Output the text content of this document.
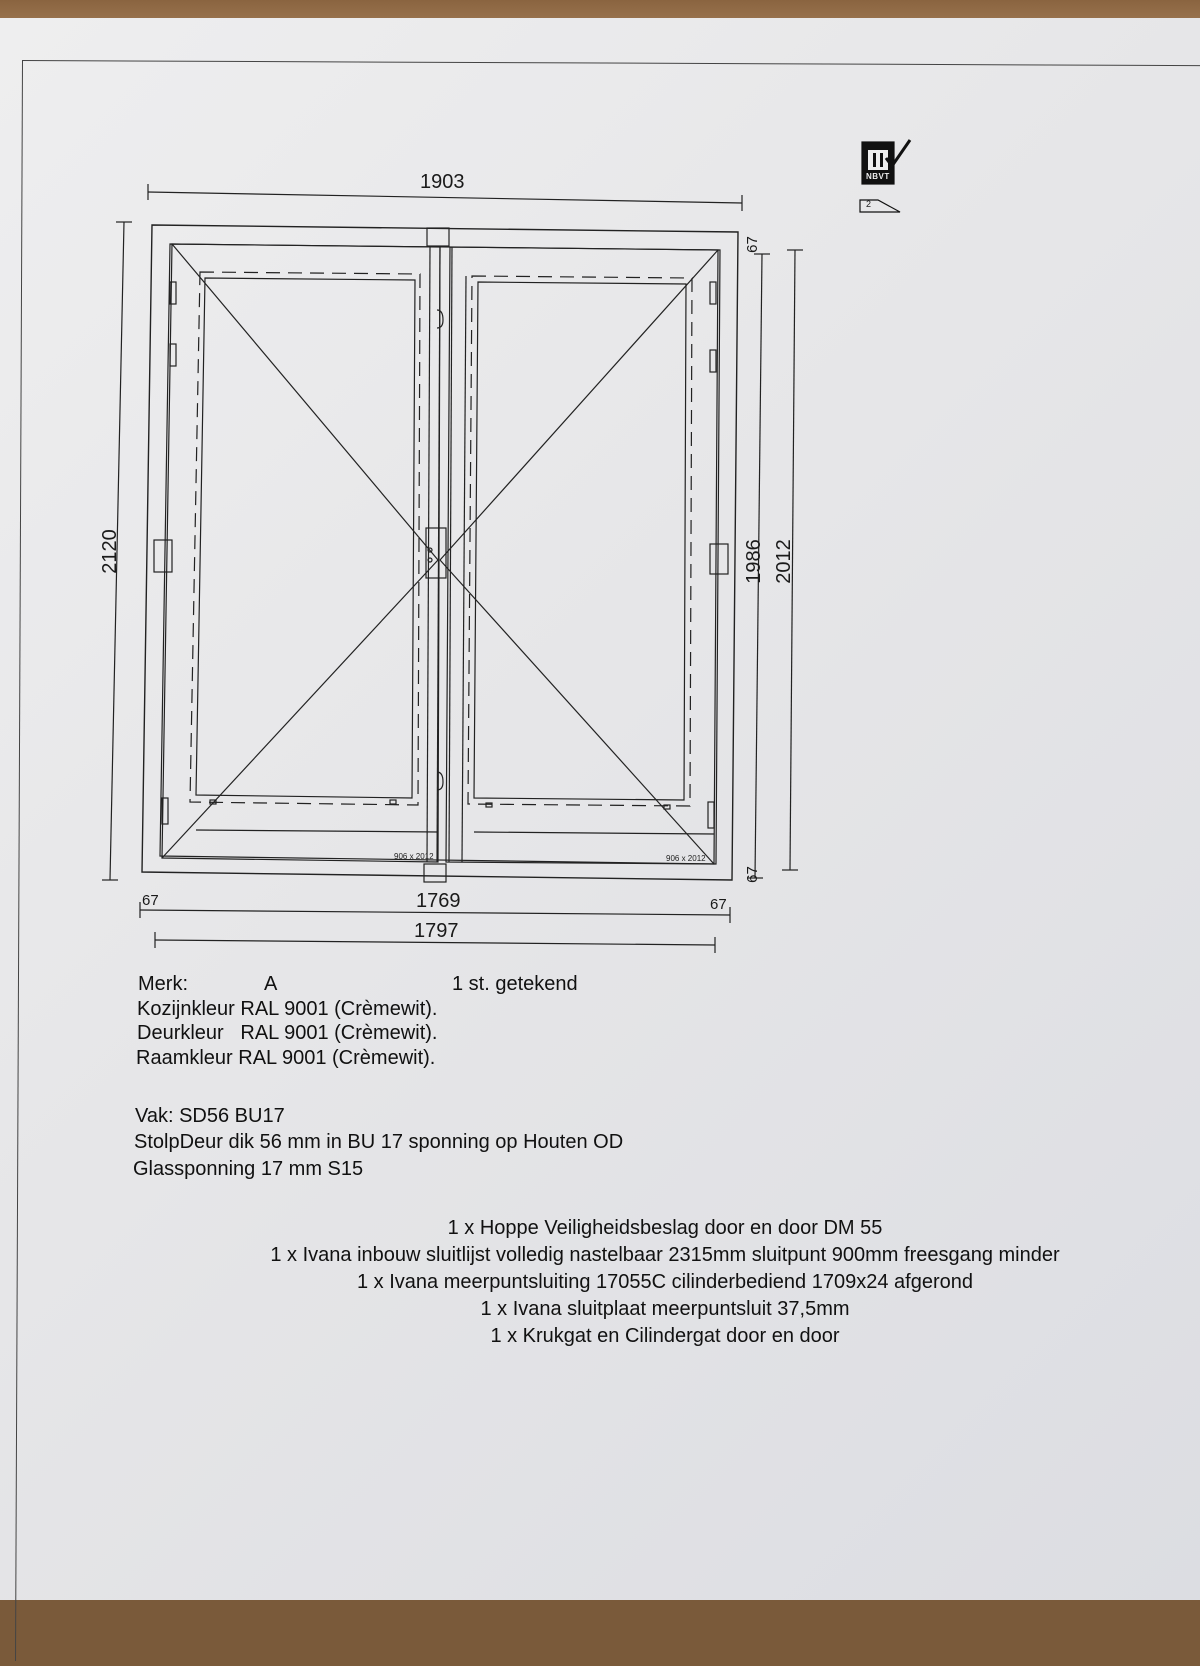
1903
2120
67
1986 2012
67
67	1769	67
1797
906 x 2012	906 x 2012
NBVT
2
Merk:	A	1 st. getekend
Kozijnkleur RAL 9001 (Crèmewit).
Deurkleur   RAL 9001 (Crèmewit).
Raamkleur RAL 9001 (Crèmewit).
Vak: SD56 BU17
StolpDeur dik 56 mm in BU 17 sponning op Houten OD
Glassponning 17 mm S15
1 x Hoppe Veiligheidsbeslag door en door DM 55
1 x Ivana inbouw sluitlijst volledig nastelbaar 2315mm sluitpunt 900mm freesgang minder
1 x Ivana meerpuntsluiting 17055C cilinderbediend 1709x24 afgerond
1 x Ivana sluitplaat meerpuntsluit 37,5mm
1 x Krukgat en Cilindergat door en door
